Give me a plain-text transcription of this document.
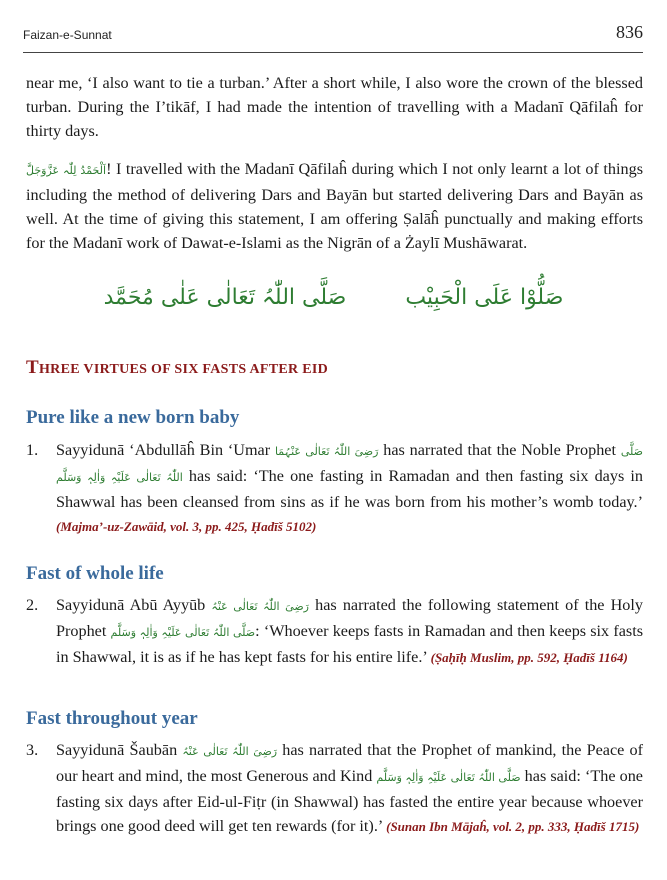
Faizan-e-Sunnat	836

near me, ‘I also want to tie a turban.’ After a short while, I also wore the crown of the blessed turban. During the I’tikāf, I had made the intention of travelling with a Madanī Qāfilaĥ for thirty days.

اَلْحَمْدُ لِلّٰہ عَزَّوَجَلَّ! I travelled with the Madanī Qāfilaĥ during which I not only learnt a lot of things including the method of delivering Dars and Bayān but started delivering Dars and Bayān as well. At the time of giving this statement, I am offering Ṣalāĥ punctually and making efforts for the Madanī work of Dawat-e-Islami as the Nigrān of a Żaylī Mushāwarat.

صَلَّی اللّٰہُ تَعَالٰی عَلٰی مُحَمَّد	صَلُّوْا عَلَی الْحَبِیْب
THREE VIRTUES OF SIX FASTS AFTER EID
Pure like a new born baby

1.	Sayyidunā ‘Abdullāĥ Bin ‘Umar رَضِیَ اللّٰہُ تَعَالٰی عَنْہُمَا has narrated that the Noble Prophet صَلَّی اللّٰہُ تَعَالٰی عَلَیْہِ وَاٰلِہٖ وَسَلَّم has said: ‘The one fasting in Ramadan and then fasting six days in Shawwal has been cleansed from sins as if he was born from his mother’s womb today.’ (Majma’-uz-Zawāid, vol. 3, pp. 425, Ḥadīš 5102)

Fast of whole life

2.	Sayyidunā Abū Ayyūb رَضِیَ اللّٰہُ تَعَالٰی عَنْہُ has narrated the following statement of the Holy Prophet صَلَّی اللّٰہُ تَعَالٰی عَلَیْہِ وَاٰلِہٖ وَسَلَّم: ‘Whoever keeps fasts in Ramadan and then keeps six fasts in Shawwal, it is as if he has kept fasts for his entire life.’ (Ṣaḥīḥ Muslim, pp. 592, Ḥadīš 1164)

Fast throughout year

3.	Sayyidunā Šaubān رَضِیَ اللّٰہُ تَعَالٰی عَنْہُ has narrated that the Prophet of mankind, the Peace of our heart and mind, the most Generous and Kind صَلَّی اللّٰہُ تَعَالٰی عَلَیْہِ وَاٰلِہٖ وَسَلَّم has said: ‘The one fasting six days after Eid-ul-Fiṭr (in Shawwal) has fasted the entire year because whoever brings one good deed will get ten rewards (for it).’ (Sunan Ibn Mājaĥ, vol. 2, pp. 333, Ḥadīš 1715)
